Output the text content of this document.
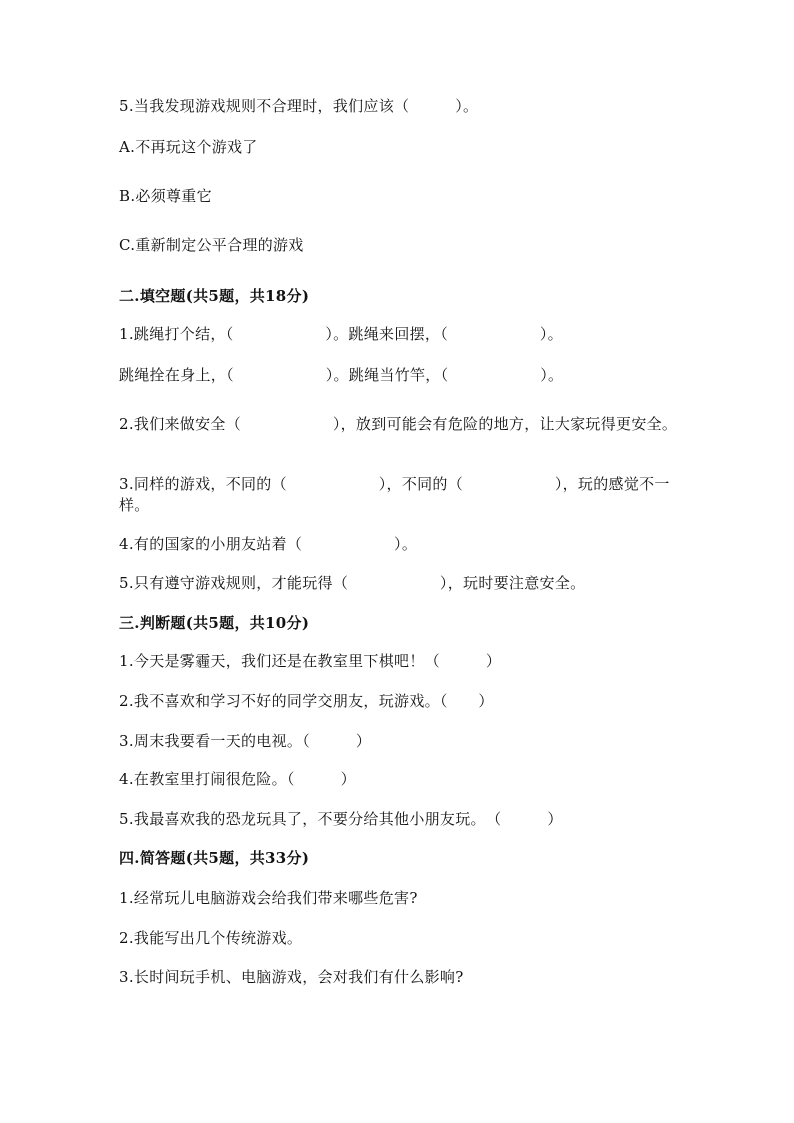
5.当我发现游戏规则不合理时，我们应该（　　　）。
A.不再玩这个游戏了
B.必须尊重它
C.重新制定公平合理的游戏
二.填空题(共5题，共18分)
1.跳绳打个结，（　　　　　　）。跳绳来回摆，（　　　　　　）。
跳绳拴在身上，（　　　　　　）。跳绳当竹竿，（　　　　　　）。
2.我们来做安全（　　　　　　），放到可能会有危险的地方，让大家玩得更安全。
3.同样的游戏，不同的（　　　　　　），不同的（　　　　　　），玩的感觉不一样。
4.有的国家的小朋友站着（　　　　　　）。
5.只有遵守游戏规则，才能玩得（　　　　　　），玩时要注意安全。
三.判断题(共5题，共10分)
1.今天是雾霾天，我们还是在教室里下棋吧！（　　　）
2.我不喜欢和学习不好的同学交朋友，玩游戏。（　　）
3.周末我要看一天的电视。（　　　）
4.在教室里打闹很危险。（　　　）
5.我最喜欢我的恐龙玩具了，不要分给其他小朋友玩。　（　　　）
四.简答题(共5题，共33分)
1.经常玩儿电脑游戏会给我们带来哪些危害?
2.我能写出几个传统游戏。
3.长时间玩手机、电脑游戏，会对我们有什么影响?
